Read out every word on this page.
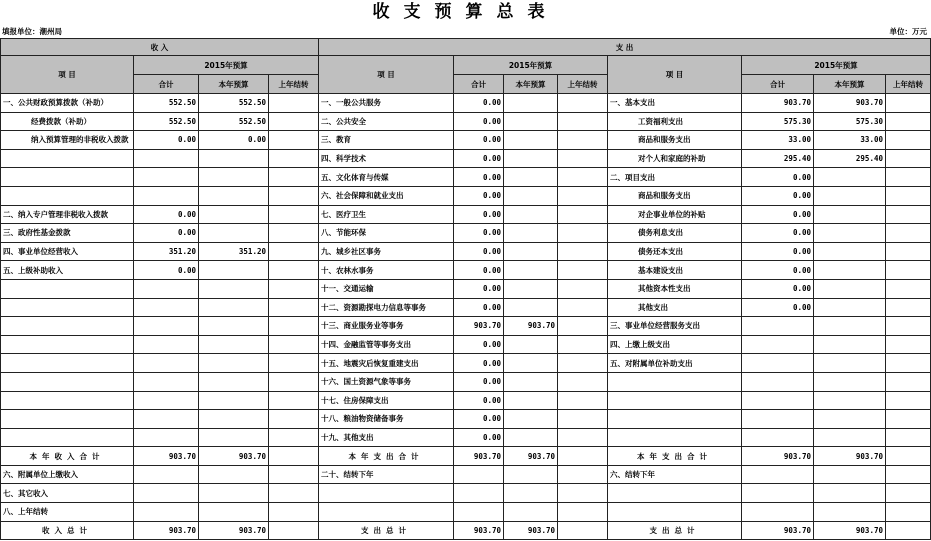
收支预算总表
填报单位：潮州局	单位：万元
收 入				支 出							
项 目	2015年预算			项 目	2015年预算			项 目	2015年预算		
	合计	本年预算	上年结转		合计	本年预算	上年结转		合计	本年预算	上年结转
一、公共财政预算拨款（补助）	552.50	552.50		一、一般公共服务	0.00			一、基本支出	903.70	903.70	
经费拨款（补助）	552.50	552.50		二、公共安全	0.00			工资福利支出	575.30	575.30	
纳入预算管理的非税收入拨款	0.00	0.00		三、教育	0.00			商品和服务支出	33.00	33.00	
				四、科学技术	0.00			对个人和家庭的补助	295.40	295.40	
				五、文化体育与传媒	0.00			二、项目支出	0.00		
				六、社会保障和就业支出	0.00			商品和服务支出	0.00		
二、纳入专户管理非税收入拨款	0.00			七、医疗卫生	0.00			对企事业单位的补贴	0.00		
三、政府性基金拨款	0.00			八、节能环保	0.00			债务利息支出	0.00		
四、事业单位经营收入	351.20	351.20		九、城乡社区事务	0.00			债务还本支出	0.00		
五、上级补助收入	0.00			十、农林水事务	0.00			基本建设支出	0.00		
				十一、交通运输	0.00			其他资本性支出	0.00		
				十二、资源勘探电力信息等事务	0.00			其他支出	0.00		
				十三、商业服务业等事务	903.70	903.70		三、事业单位经营服务支出			
				十四、金融监管等事务支出	0.00			四、上缴上级支出			
				十五、地震灾后恢复重建支出	0.00			五、对附属单位补助支出			
				十六、国土资源气象等事务	0.00						
				十七、住房保障支出	0.00						
				十八、粮油物资储备事务	0.00						
				十九、其他支出	0.00						
本年收入合计	903.70	903.70		本年支出合计	903.70	903.70		本年支出合计	903.70	903.70	
六、附属单位上缴收入				二十、结转下年				六、结转下年			
七、其它收入											
八、上年结转											
收入总计	903.70	903.70		支出总计	903.70	903.70		支出总计	903.70	903.70	
